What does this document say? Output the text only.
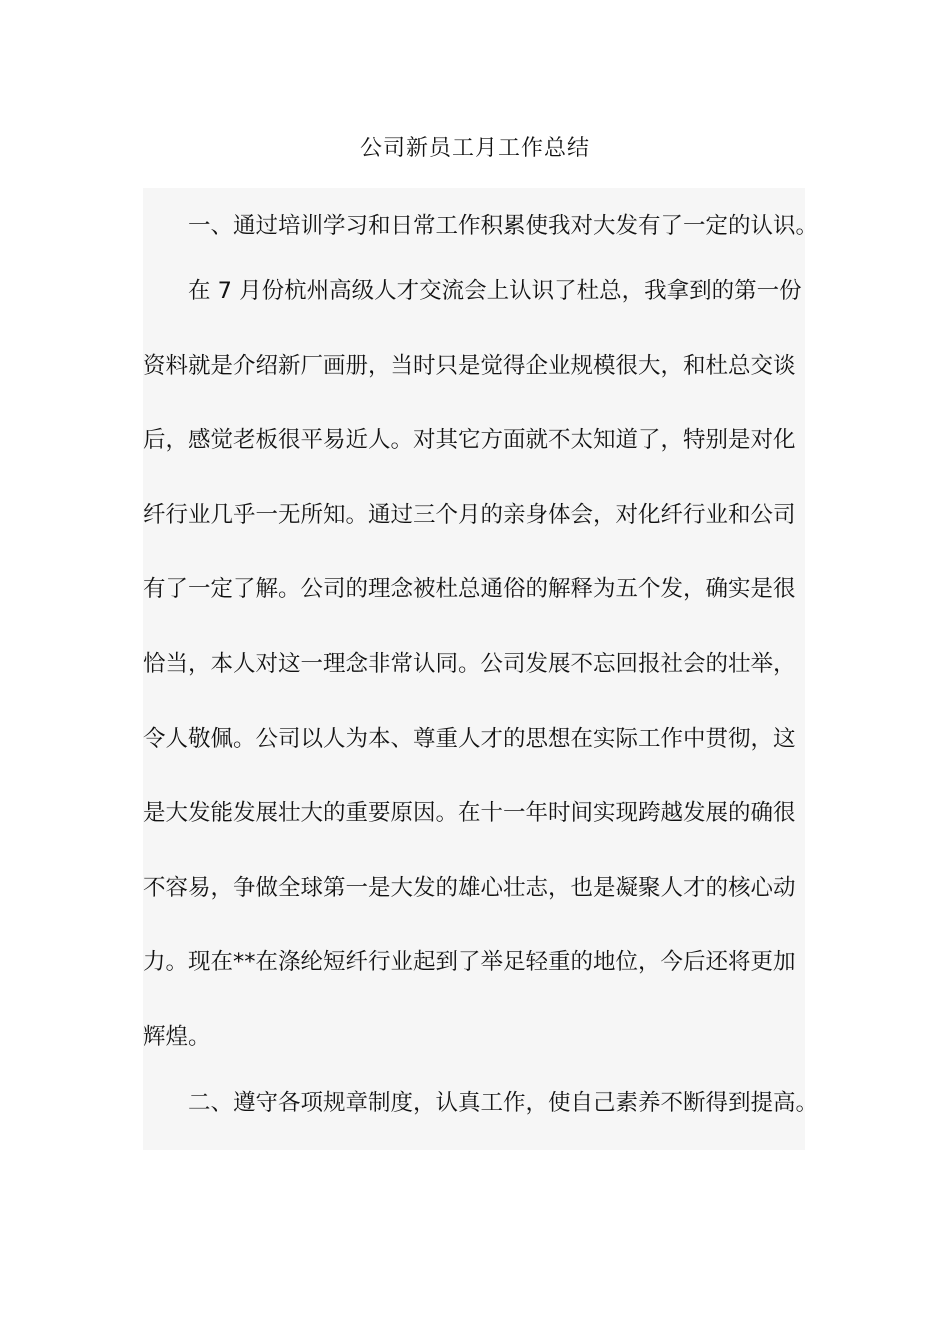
公司新员工月工作总结

一、通过培训学习和日常工作积累使我对大发有了一定的认识。

在 7 月份杭州高级人才交流会上认识了杜总，我拿到的第一份

资料就是介绍新厂画册，当时只是觉得企业规模很大，和杜总交谈

后，感觉老板很平易近人。对其它方面就不太知道了，特别是对化

纤行业几乎一无所知。通过三个月的亲身体会，对化纤行业和公司

有了一定了解。公司的理念被杜总通俗的解释为五个发，确实是很

恰当，本人对这一理念非常认同。公司发展不忘回报社会的壮举，

令人敬佩。公司以人为本、尊重人才的思想在实际工作中贯彻，这

是大发能发展壮大的重要原因。在十一年时间实现跨越发展的确很

不容易，争做全球第一是大发的雄心壮志，也是凝聚人才的核心动

力。现在**在涤纶短纤行业起到了举足轻重的地位，今后还将更加

辉煌。

二、遵守各项规章制度，认真工作，使自己素养不断得到提高。
